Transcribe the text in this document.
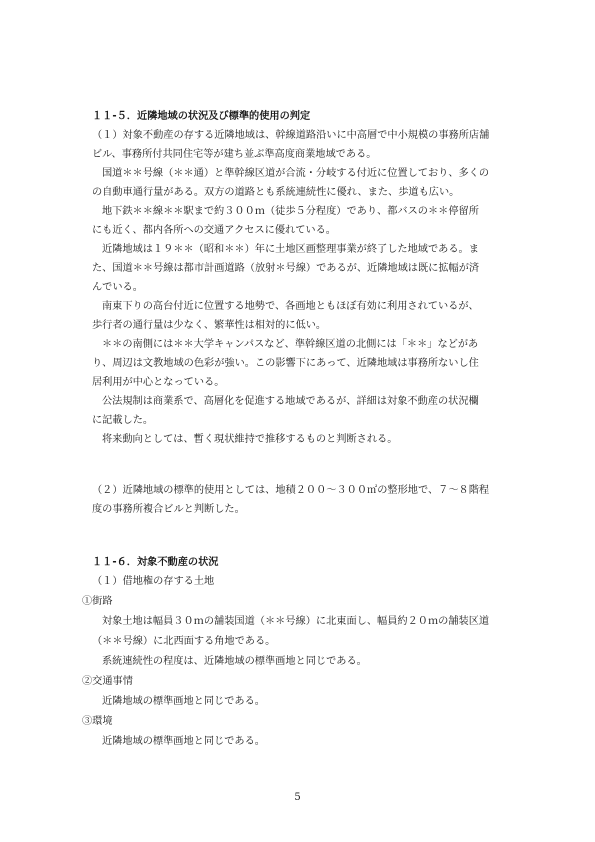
１１-５．近隣地域の状況及び標準的使用の判定
（１）対象不動産の存する近隣地域は、幹線道路沿いに中高層で中小規模の事務所店舗
ビル、事務所付共同住宅等が建ち並ぶ準高度商業地域である。
国道＊＊号線（＊＊通）と準幹線区道が合流・分岐する付近に位置しており、多くの
の自動車通行量がある。双方の道路とも系統連続性に優れ、また、歩道も広い。
地下鉄＊＊線＊＊駅まで約３００ｍ（徒歩５分程度）であり、都バスの＊＊停留所
にも近く、都内各所への交通アクセスに優れている。
近隣地域は１９＊＊（昭和＊＊）年に土地区画整理事業が終了した地域である。ま
た、国道＊＊号線は都市計画道路（放射＊号線）であるが、近隣地域は既に拡幅が済
んでいる。
南東下りの高台付近に位置する地勢で、各画地ともほぼ有効に利用されているが、
歩行者の通行量は少なく、繁華性は相対的に低い。
＊＊の南側には＊＊大学キャンパスなど、準幹線区道の北側には「＊＊」などがあ
り、周辺は文教地域の色彩が強い。この影響下にあって、近隣地域は事務所ないし住
居利用が中心となっている。
公法規制は商業系で、高層化を促進する地域であるが、詳細は対象不動産の状況欄
に記載した。
将来動向としては、暫く現状維持で推移するものと判断される。
（２）近隣地域の標準的使用としては、地積２００～３００㎡の整形地で、７～８階程
度の事務所複合ビルと判断した。
１１-６．対象不動産の状況
（１）借地権の存する土地
①街路
対象土地は幅員３０ｍの舗装国道（＊＊号線）に北東面し、幅員約２０ｍの舗装区道
（＊＊号線）に北西面する角地である。
系統連続性の程度は、近隣地域の標準画地と同じである。
②交通事情
近隣地域の標準画地と同じである。
③環境
近隣地域の標準画地と同じである。
5
